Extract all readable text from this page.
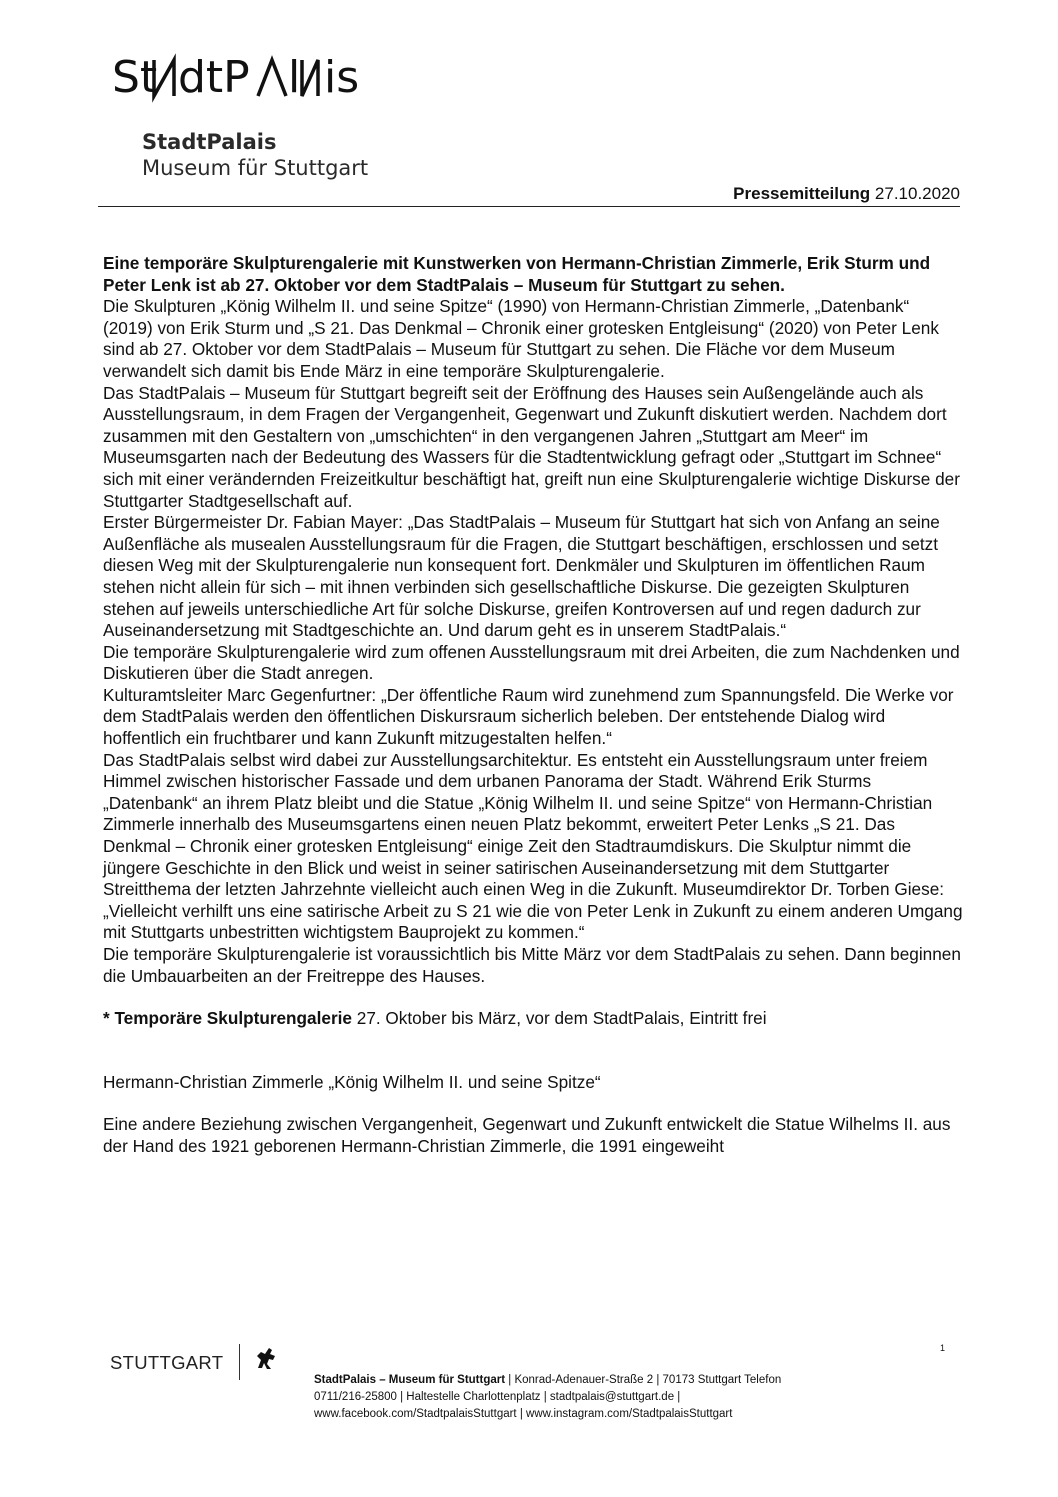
St dtP l is
StadtPalais
Museum für Stuttgart
Pressemitteilung 27.10.2020

Eine temporäre Skulpturengalerie mit Kunstwerken von Hermann-Christian Zimmerle, Erik Sturm und Peter Lenk ist ab 27. Oktober vor dem StadtPalais – Museum für Stuttgart zu sehen.

Die Skulpturen „König Wilhelm II. und seine Spitze“ (1990) von Hermann-Christian Zimmerle, „Datenbank“ (2019) von Erik Sturm und „S 21. Das Denkmal – Chronik einer grotesken Entgleisung“ (2020) von Peter Lenk sind ab 27. Oktober vor dem StadtPalais – Museum für Stuttgart zu sehen. Die Fläche vor dem Museum verwandelt sich damit bis Ende März in eine temporäre Skulpturengalerie.

Das StadtPalais – Museum für Stuttgart begreift seit der Eröffnung des Hauses sein Außengelände auch als Ausstellungsraum, in dem Fragen der Vergangenheit, Gegenwart und Zukunft diskutiert werden. Nachdem dort zusammen mit den Gestaltern von „umschichten“ in den vergangenen Jahren „Stuttgart am Meer“ im Museumsgarten nach der Bedeutung des Wassers für die Stadtentwicklung gefragt oder „Stuttgart im Schnee“ sich mit einer verändernden Freizeitkultur beschäftigt hat, greift nun eine Skulpturengalerie wichtige Diskurse der Stuttgarter Stadtgesellschaft auf.

Erster Bürgermeister Dr. Fabian Mayer: „Das StadtPalais – Museum für Stuttgart hat sich von Anfang an seine Außenfläche als musealen Ausstellungsraum für die Fragen, die Stuttgart beschäftigen, erschlossen und setzt diesen Weg mit der Skulpturengalerie nun konsequent fort. Denkmäler und Skulpturen im öffentlichen Raum stehen nicht allein für sich – mit ihnen verbinden sich gesellschaftliche Diskurse. Die gezeigten Skulpturen stehen auf jeweils unterschiedliche Art für solche Diskurse, greifen Kontroversen auf und regen dadurch zur Auseinandersetzung mit Stadtgeschichte an. Und darum geht es in unserem StadtPalais.“

Die temporäre Skulpturengalerie wird zum offenen Ausstellungsraum mit drei Arbeiten, die zum Nachdenken und Diskutieren über die Stadt anregen.

Kulturamtsleiter Marc Gegenfurtner: „Der öffentliche Raum wird zunehmend zum Spannungsfeld. Die Werke vor dem StadtPalais werden den öffentlichen Diskursraum sicherlich beleben. Der entstehende Dialog wird hoffentlich ein fruchtbarer und kann Zukunft mitzugestalten helfen.“

Das StadtPalais selbst wird dabei zur Ausstellungsarchitektur. Es entsteht ein Ausstellungsraum unter freiem Himmel zwischen historischer Fassade und dem urbanen Panorama der Stadt. Während Erik Sturms „Datenbank“ an ihrem Platz bleibt und die Statue „König Wilhelm II. und seine Spitze“ von Hermann-Christian Zimmerle innerhalb des Museumsgartens einen neuen Platz bekommt, erweitert Peter Lenks „S 21. Das Denkmal – Chronik einer grotesken Entgleisung“ einige Zeit den Stadtraumdiskurs. Die Skulptur nimmt die jüngere Geschichte in den Blick und weist in seiner satirischen Auseinandersetzung mit dem Stuttgarter Streitthema der letzten Jahrzehnte vielleicht auch einen Weg in die Zukunft. Museumdirektor Dr. Torben Giese: „Vielleicht verhilft uns eine satirische Arbeit zu S 21 wie die von Peter Lenk in Zukunft zu einem anderen Umgang mit Stuttgarts unbestritten wichtigstem Bauprojekt zu kommen.“

Die temporäre Skulpturengalerie ist voraussichtlich bis Mitte März vor dem StadtPalais zu sehen. Dann beginnen die Umbauarbeiten an der Freitreppe des Hauses.

* Temporäre Skulpturengalerie 27. Oktober bis März, vor dem StadtPalais, Eintritt frei

Hermann-Christian Zimmerle „König Wilhelm II. und seine Spitze“

Eine andere Beziehung zwischen Vergangenheit, Gegenwart und Zukunft entwickelt die Statue Wilhelms II. aus der Hand des 1921 geborenen Hermann-Christian Zimmerle, die 1991 eingeweiht

1
STUTTGART
StadtPalais – Museum für Stuttgart | Konrad-Adenauer-Straße 2 | 70173 Stuttgart Telefon
0711/216-25800 | Haltestelle Charlottenplatz | stadtpalais@stuttgart.de |
www.facebook.com/StadtpalaisStuttgart | www.instagram.com/StadtpalaisStuttgart
